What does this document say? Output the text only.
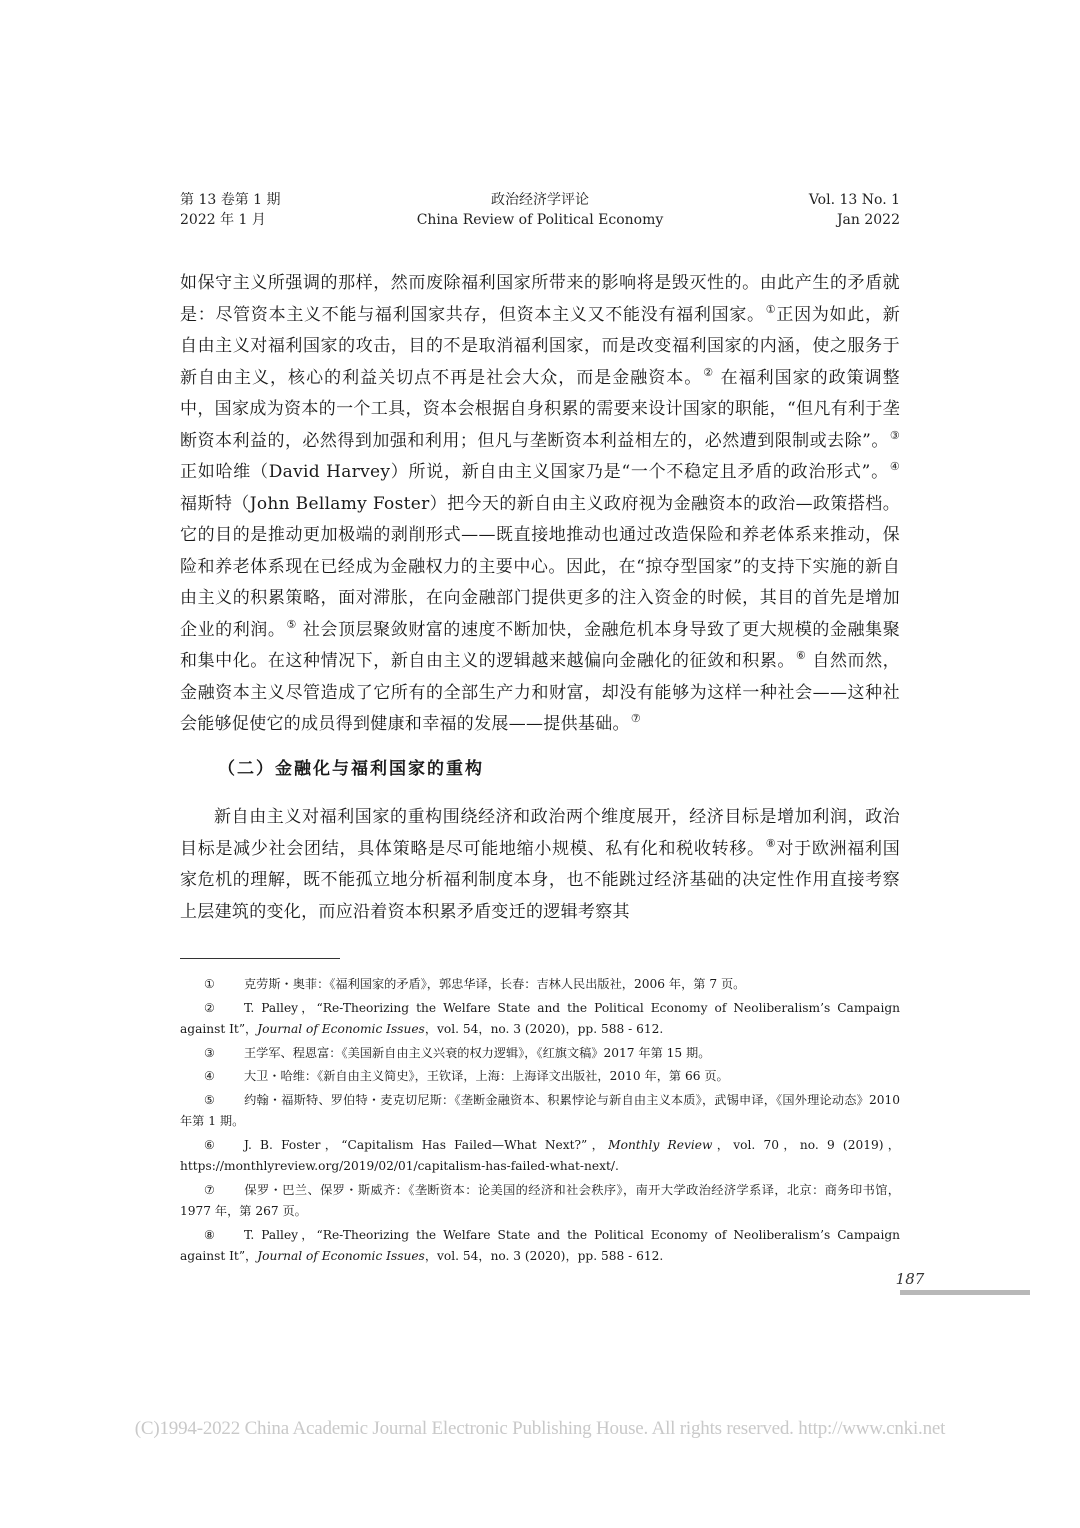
第 13 卷第 1 期
2022 年 1 月
政治经济学评论
China Review of Political Economy
Vol. 13 No. 1
Jan 2022

如保守主义所强调的那样，然而废除福利国家所带来的影响将是毁灭性的。由此产生的矛盾就是：尽管资本主义不能与福利国家共存，但资本主义又不能没有福利国家。①正因为如此，新自由主义对福利国家的攻击，目的不是取消福利国家，而是改变福利国家的内涵，使之服务于新自由主义，核心的利益关切点不再是社会大众，而是金融资本。② 在福利国家的政策调整中，国家成为资本的一个工具，资本会根据自身积累的需要来设计国家的职能，“但凡有利于垄断资本利益的，必然得到加强和利用；但凡与垄断资本利益相左的，必然遭到限制或去除”。③ 正如哈维（David Harvey）所说，新自由主义国家乃是“一个不稳定且矛盾的政治形式”。④ 福斯特（John Bellamy Foster）把今天的新自由主义政府视为金融资本的政治—政策搭档。它的目的是推动更加极端的剥削形式——既直接地推动也通过改造保险和养老体系来推动，保险和养老体系现在已经成为金融权力的主要中心。因此，在“掠夺型国家”的支持下实施的新自由主义的积累策略，面对滞胀，在向金融部门提供更多的注入资金的时候，其目的首先是增加企业的利润。⑤ 社会顶层聚敛财富的速度不断加快，金融危机本身导致了更大规模的金融集聚和集中化。在这种情况下，新自由主义的逻辑越来越偏向金融化的征敛和积累。⑥ 自然而然，金融资本主义尽管造成了它所有的全部生产力和财富，却没有能够为这样一种社会——这种社会能够促使它的成员得到健康和幸福的发展——提供基础。⑦

（二）金融化与福利国家的重构

新自由主义对福利国家的重构围绕经济和政治两个维度展开，经济目标是增加利润，政治目标是减少社会团结，具体策略是尽可能地缩小规模、私有化和税收转移。⑧对于欧洲福利国家危机的理解，既不能孤立地分析福利制度本身，也不能跳过经济基础的决定性作用直接考察上层建筑的变化，而应沿着资本积累矛盾变迁的逻辑考察其

① 克劳斯・奥菲：《福利国家的矛盾》，郭忠华译，长春：吉林人民出版社，2006 年，第 7 页。

② T. Palley，“Re-Theorizing the Welfare State and the Political Economy of Neoliberalism’s Campaign against It”，Journal of Economic Issues，vol. 54，no. 3 (2020)，pp. 588 - 612.

③ 王学军、程恩富：《美国新自由主义兴衰的权力逻辑》，《红旗文稿》2017 年第 15 期。

④ 大卫・哈维：《新自由主义简史》，王钦译，上海：上海译文出版社，2010 年，第 66 页。

⑤ 约翰・福斯特、罗伯特・麦克切尼斯：《垄断金融资本、积累悖论与新自由主义本质》，武锡申译，《国外理论动态》2010 年第 1 期。

⑥ J. B. Foster，“Capitalism Has Failed—What Next?”，Monthly Review，vol. 70，no. 9 (2019)，https://monthlyreview.org/2019/02/01/capitalism-has-failed-what-next/.

⑦ 保罗・巴兰、保罗・斯威齐：《垄断资本：论美国的经济和社会秩序》，南开大学政治经济学系译，北京：商务印书馆，1977 年，第 267 页。

⑧ T. Palley，“Re-Theorizing the Welfare State and the Political Economy of Neoliberalism’s Campaign against It”，Journal of Economic Issues，vol. 54，no. 3 (2020)，pp. 588 - 612.

187
(C)1994-2022 China Academic Journal Electronic Publishing House. All rights reserved. http://www.cnki.net
